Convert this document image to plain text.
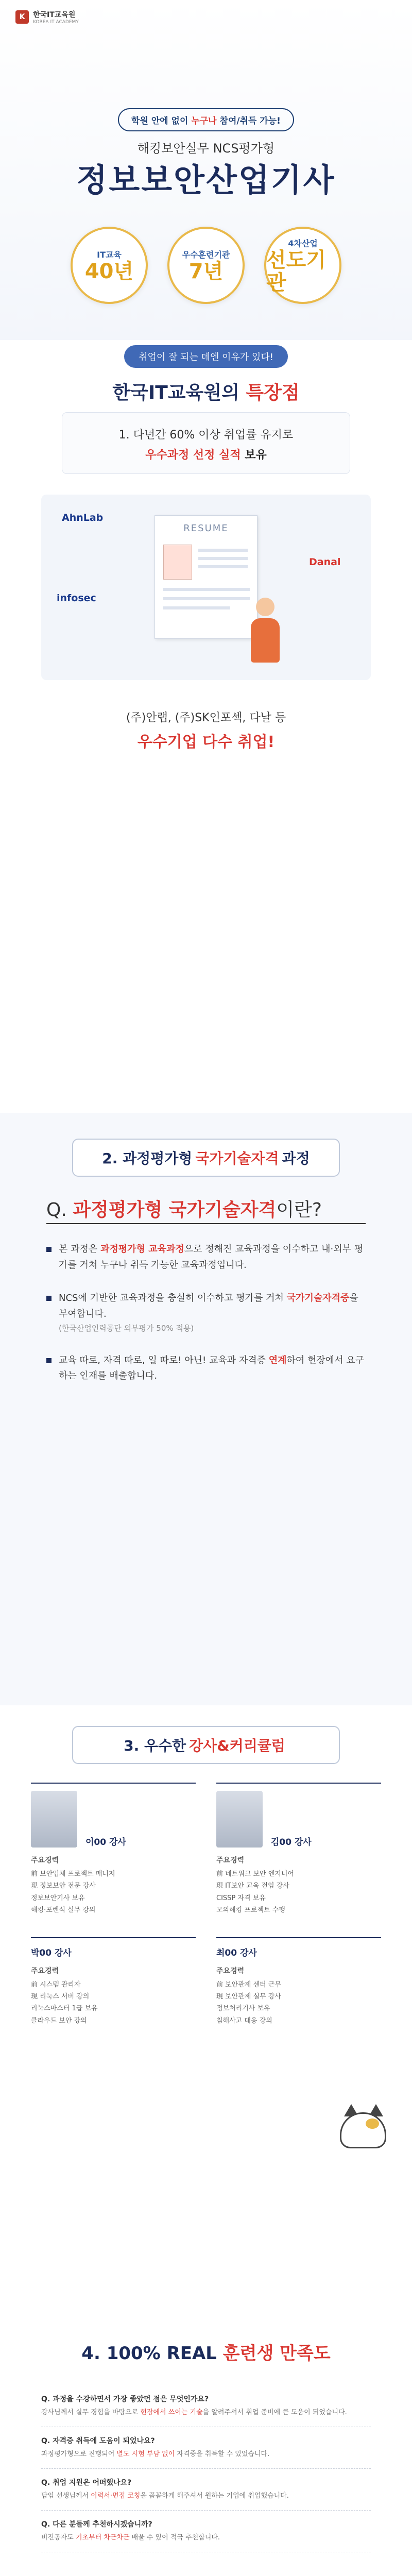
K	한국IT교육원
KOREA IT ACADEMY
학원 안에 없이 누구나 참여/취득 가능!
해킹보안실무 NCS평가형
정보보안산업기사
IT교육
40년
우수훈련기관
7년
4차산업
선도기관
취업이 잘 되는 데엔 이유가 있다!
한국IT교육원의 특장점
1. 다년간 60% 이상 취업률 유지로
우수과정 선정 실적 보유
AhnLab
Danal
infosec
RESUME
(주)안랩, (주)SK인포섹, 다날 등
우수기업 다수 취업!
2. 과정평가형 국가기술자격 과정
Q. 과정평가형 국가기술자격이란?
본 과정은 과정평가형 교육과정으로 정해진 교육과정을 이수하고 내·외부 평가를 거쳐 누구나 취득 가능한 교육과정입니다.
NCS에 기반한 교육과정을 충실히 이수하고 평가를 거쳐 국가기술자격증을 부여합니다.
(한국산업인력공단 외부평가 50% 적용)
교육 따로, 자격 따로, 일 따로! 아닌! 교육과 자격증 연계하여 현장에서 요구하는 인재를 배출합니다.
3. 우수한 강사&커리큘럼
이00 강사
주요경력
前 보안업체 프로젝트 매니저
現 정보보안 전문 강사
정보보안기사 보유
해킹·포렌식 실무 강의
김00 강사
주요경력
前 네트워크 보안 엔지니어
現 IT보안 교육 전임 강사
CISSP 자격 보유
모의해킹 프로젝트 수행
박00 강사
주요경력
前 시스템 관리자
現 리눅스 서버 강의
리눅스마스터 1급 보유
클라우드 보안 강의
최00 강사
주요경력
前 보안관제 센터 근무
現 보안관제 실무 강사
정보처리기사 보유
침해사고 대응 강의
4. 100% REAL 훈련생 만족도
Q. 과정을 수강하면서 가장 좋았던 점은 무엇인가요?
강사님께서 실무 경험을 바탕으로 현장에서 쓰이는 기술을 알려주셔서 취업 준비에 큰 도움이 되었습니다.
Q. 자격증 취득에 도움이 되었나요?
과정평가형으로 진행되어 별도 시험 부담 없이 자격증을 취득할 수 있었습니다.
Q. 취업 지원은 어떠했나요?
담임 선생님께서 이력서·면접 코칭을 꼼꼼하게 해주셔서 원하는 기업에 취업했습니다.
Q. 다른 분들께 추천하시겠습니까?
비전공자도 기초부터 차근차근 배울 수 있어 적극 추천합니다.
